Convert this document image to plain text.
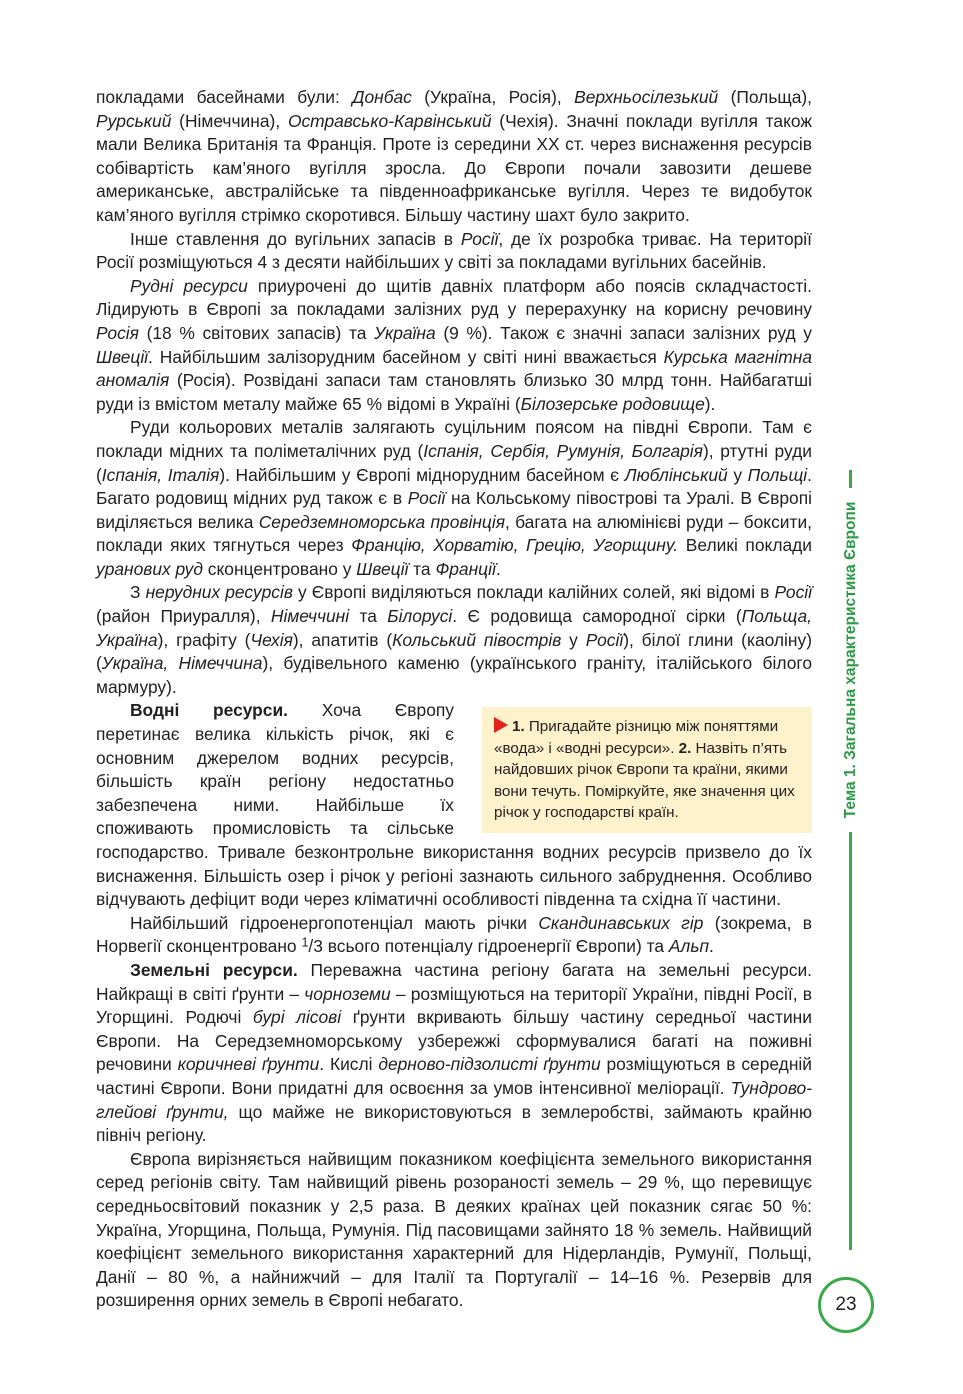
покладами басейнами були: Донбас (Україна, Росія), Верхньосілезький (Польща), Рурський (Німеччина), Остравсько-Карвінський (Чехія). Значні поклади вугілля також мали Велика Британія та Франція. Проте із середини XX ст. через виснаження ресурсів собівартість кам’яного вугілля зросла. До Європи почали завозити дешеве американське, австралійське та південноафриканське вугілля. Через те видобуток кам’яного вугілля стрімко скоротився. Більшу частину шахт було закрито.

Інше ставлення до вугільних запасів в Росії, де їх розробка триває. На території Росії розміщуються 4 з десяти найбільших у світі за покладами вугільних басейнів.

Рудні ресурси приурочені до щитів давніх платформ або поясів складчастості. Лідирують в Європі за покладами залізних руд у перерахунку на корисну речовину Росія (18 % світових запасів) та Україна (9 %). Також є значні запаси залізних руд у Швеції. Найбільшим залізорудним басейном у світі нині вважається Курська магнітна аномалія (Росія). Розвідані запаси там становлять близько 30 млрд тонн. Найбагатші руди із вмістом металу майже 65 % відомі в Україні (Білозерське родовище).

Руди кольорових металів залягають суцільним поясом на півдні Європи. Там є поклади мідних та поліметалічних руд (Іспанія, Сербія, Румунія, Болгарія), ртутні руди (Іспанія, Італія). Найбільшим у Європі міднорудним басейном є Люблінський у Польщі. Багато родовищ мідних руд також є в Росії на Кольському півострові та Уралі. В Європі виділяється велика Середземноморська провінція, багата на алюмінієві руди – боксити, поклади яких тягнуться через Францію, Хорватію, Грецію, Угорщину. Великі поклади уранових руд сконцентровано у Швеції та Франції.

З нерудних ресурсів у Європі виділяються поклади калійних солей, які відомі в Росії (район Приуралля), Німеччині та Білорусі. Є родовища самородної сірки (Польща, Україна), графіту (Чехія), апатитів (Кольський півострів у Росії), білої глини (каоліну) (Україна, Німеччина), будівельного каменю (українського граніту, італійського білого мармуру).

1. Пригадайте різницю між поняттями «вода» і «водні ресурси». 2. Назвіть п’ять найдовших річок Європи та країни, якими вони течуть. Поміркуйте, яке значення цих річок у господарстві країн.

Водні ресурси. Хоча Європу перетинає велика кількість річок, які є основним джерелом водних ресурсів, більшість країн регіону недостатньо забезпечена ними. Найбільше їх споживають промисловість та сільське господарство. Тривале безконтрольне використання водних ресурсів призвело до їх виснаження. Більшість озер і річок у регіоні зазнають сильного забруднення. Особливо відчувають дефіцит води через кліматичні особливості південна та східна її частини.

Найбільший гідроенергопотенціал мають річки Скандинавських гір (зокрема, в Норвегії сконцентровано $^1$/3 всього потенціалу гідроенергії Європи) та Альп.

Земельні ресурси. Переважна частина регіону багата на земельні ресурси. Найкращі в світі ґрунти – чорноземи – розміщуються на території України, півдні Росії, в Угорщині. Родючі бурі лісові ґрунти вкривають більшу частину середньої частини Європи. На Середземноморському узбережжі сформувалися багаті на поживні речовини коричневі ґрунти. Кислі дерново-підзолисті ґрунти розміщуються в середній частині Європи. Вони придатні для освоєння за умов інтенсивної меліорації. Тундрово-глейові ґрунти, що майже не використовуються в землеробстві, займають крайню північ регіону.

Європа вирізняється найвищим показником коефіцієнта земельного використання серед регіонів світу. Там найвищий рівень розораності земель – 29 %, що перевищує середньосвітовий показник у 2,5 раза. В деяких країнах цей показник сягає 50 %: Україна, Угорщина, Польща, Румунія. Під пасовищами зайнято 18 % земель. Найвищий коефіцієнт земельного використання характерний для Нідерландів, Румунії, Польщі, Данії – 80 %, а найнижчий – для Італії та Португалії – 14–16 %. Резервів для розширення орних земель в Європі небагато.

Тема 1. Загальна характеристика Європи
23
